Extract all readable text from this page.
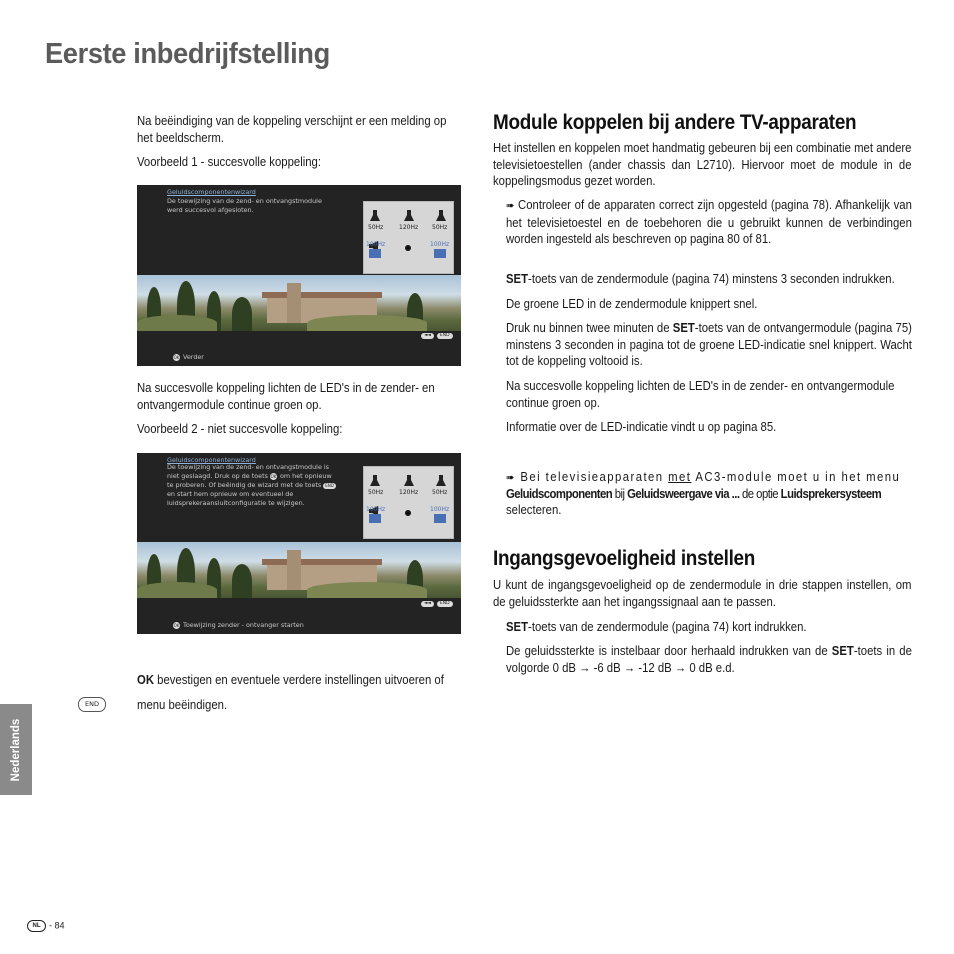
Eerste inbedrijfstelling

Na beëindiging van de koppeling verschijnt er een melding op het beeldscherm.

Voorbeeld 1 - succesvolle koppeling:

Geluidscomponentenwizard
De toewijzing van de zend- en ontvangstmodule
werd succesvol afgesloten.
50Hz	120Hz 50Hz
100Hz	100Hz
◄◄ END
OK Verder

Na succesvolle koppeling lichten de LED's in de zender- en ontvangermodule continue groen op.

Voorbeeld 2 - niet succesvolle koppeling:

Geluidscomponentenwizard
De toewijzing van de zend- en ontvangstmodule is
niet geslaagd. Druk op de toets OK om het opnieuw
te proberen. Of beëindig de wizard met de toets END
en start hem opnieuw om eventueel de
luidsprekeraansluitconfiguratie te wijzigen.
50Hz	120Hz 50Hz
100Hz	100Hz
◄◄ END
OK Toewijzing zender - ontvanger starten

OK bevestigen en eventuele verdere instellingen uitvoeren of

END	menu beëindigen.

Nederlands
NL - 84
Module koppelen bij andere TV-apparaten

Het instellen en koppelen moet handmatig gebeuren bij een combinatie met andere televisietoestellen (ander chassis dan L2710). Hiervoor moet de module in de koppelingsmodus gezet worden.

➠ Controleer of de apparaten correct zijn opgesteld (pagina 78). Afhankelijk van het televisietoestel en de toebehoren die u gebruikt kunnen de verbindingen worden ingesteld als beschreven op pagina 80 of 81.

SET-toets van de zendermodule (pagina 74) minstens 3 seconden indrukken.

De groene LED in de zendermodule knippert snel.

Druk nu binnen twee minuten de SET-toets van de ontvangermodule (pagina 75) minstens 3 seconden in pagina tot de groene LED-indicatie snel knippert. Wacht tot de koppeling voltooid is.

Na succesvolle koppeling lichten de LED's in de zender- en ontvangermodule continue groen op.

Informatie over de LED-indicatie vindt u op pagina 85.

➠ Bei televisieapparaten met AC3-module moet u in het menu

Geluidscomponenten bij Geluidsweergave via ... de optie Luidsprekersysteem

selecteren.

Ingangsgevoeligheid instellen

U kunt de ingangsgevoeligheid op de zendermodule in drie stappen instellen, om de geluidssterkte aan het ingangssignaal aan te passen.

SET-toets van de zendermodule (pagina 74) kort indrukken.

De geluidssterkte is instelbaar door herhaald indrukken van de SET-toets in de volgorde 0 dB → -6 dB → -12 dB → 0 dB e.d.
